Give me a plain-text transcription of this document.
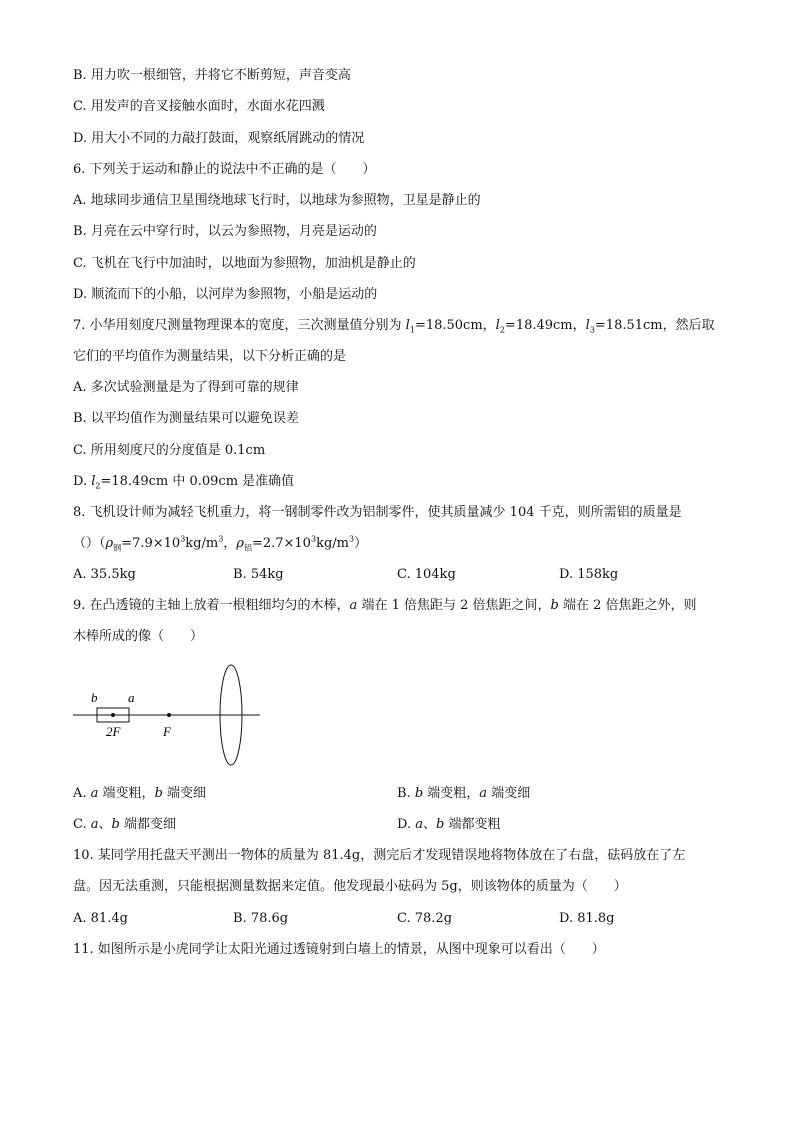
B. 用力吹一根细管，并将它不断剪短，声音变高
C. 用发声的音叉接触水面时，水面水花四溅
D. 用大小不同的力敲打鼓面，观察纸屑跳动的情况
6. 下列关于运动和静止的说法中不正确的是（　　）
A. 地球同步通信卫星围绕地球飞行时，以地球为参照物，卫星是静止的
B. 月亮在云中穿行时，以云为参照物，月亮是运动的
C. 飞机在飞行中加油时，以地面为参照物，加油机是静止的
D. 顺流而下的小船，以河岸为参照物，小船是运动的
7. 小华用刻度尺测量物理课本的宽度，三次测量值分别为 $l_1=18.50cm$，$l_2=18.49cm$，$l_3=18.51cm$，然后取
它们的平均值作为测量结果，以下分析正确的是
A. 多次试验测量是为了得到可靠的规律
B. 以平均值作为测量结果可以避免误差
C. 所用刻度尺的分度值是 0.1cm
D. $l_2=18.49cm$ 中 0.09cm 是准确值
8. 飞机设计师为减轻飞机重力，将一钢制零件改为铝制零件，使其质量减少 104 千克，则所需铝的质量是
$()(\rho_钢=7.9\times 10^3kg/m^3$，$\rho_铝=2.7\times 10^3kg/m^3$）
A. 35.5kg	B. 54kg	C. 104kg	D. 158kg
9. 在凸透镜的主轴上放着一根粗细均匀的木棒，a 端在 1 倍焦距与 2 倍焦距之间，b 端在 2 倍焦距之外，则
木棒所成的像（　　）
b a
2F	F
A. a 端变粗，b 端变细	B. b 端变粗，a 端变细
C. a、b 端都变细	D. a、b 端都变粗
10. 某同学用托盘天平测出一物体的质量为 81.4g，测完后才发现错误地将物体放在了右盘，砝码放在了左
盘。因无法重测，只能根据测量数据来定值。他发现最小砝码为 5g，则该物体的质量为（　　）
A. 81.4g	B. 78.6g	C. 78.2g	D. 81.8g
11. 如图所示是小虎同学让太阳光通过透镜射到白墙上的情景，从图中现象可以看出（　　）
